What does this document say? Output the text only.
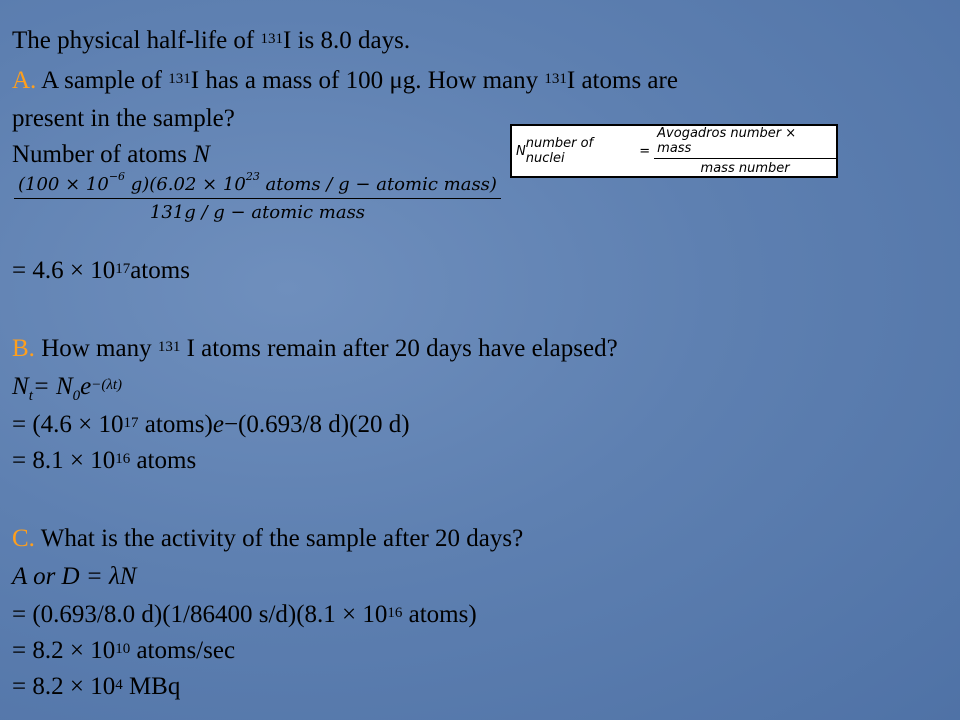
The physical half-life of $^{131}$I is 8.0 days.
A. A sample of $^{131}$I has a mass of 100 μg. How many $^{131}$I atoms are
present in the sample?
Number of atoms N	N number of nuclei	= $\frac{\text{Avogadros number × mass}}{\text{mass number}}$
($100 \times 10^{-6}$ $g)(6.02 \times 10^{23}$ atoms / g − atomic mass)
131g / g − atomic mass
= $4.6 \times 10^{17}atoms$
B. How many $^{131}$ I atoms remain after 20 days have elapsed?
$N_t= N_0e^{-(\lambda t)}$
= ($4.6 \times 10^{17}$ atoms)e−(0.693/8 d)(20 d)
= $8.1 \times 10^{16}$ atoms
C. What is the activity of the sample after 20 days?
A or D = λN
= (0.693/8.0 d)(1/86400 $s/d)(8.1 \times 10^{16}$ atoms)
= $8.2 \times 10^{10}$ atoms/sec
= $8.2 \times 10^4$ MBq
